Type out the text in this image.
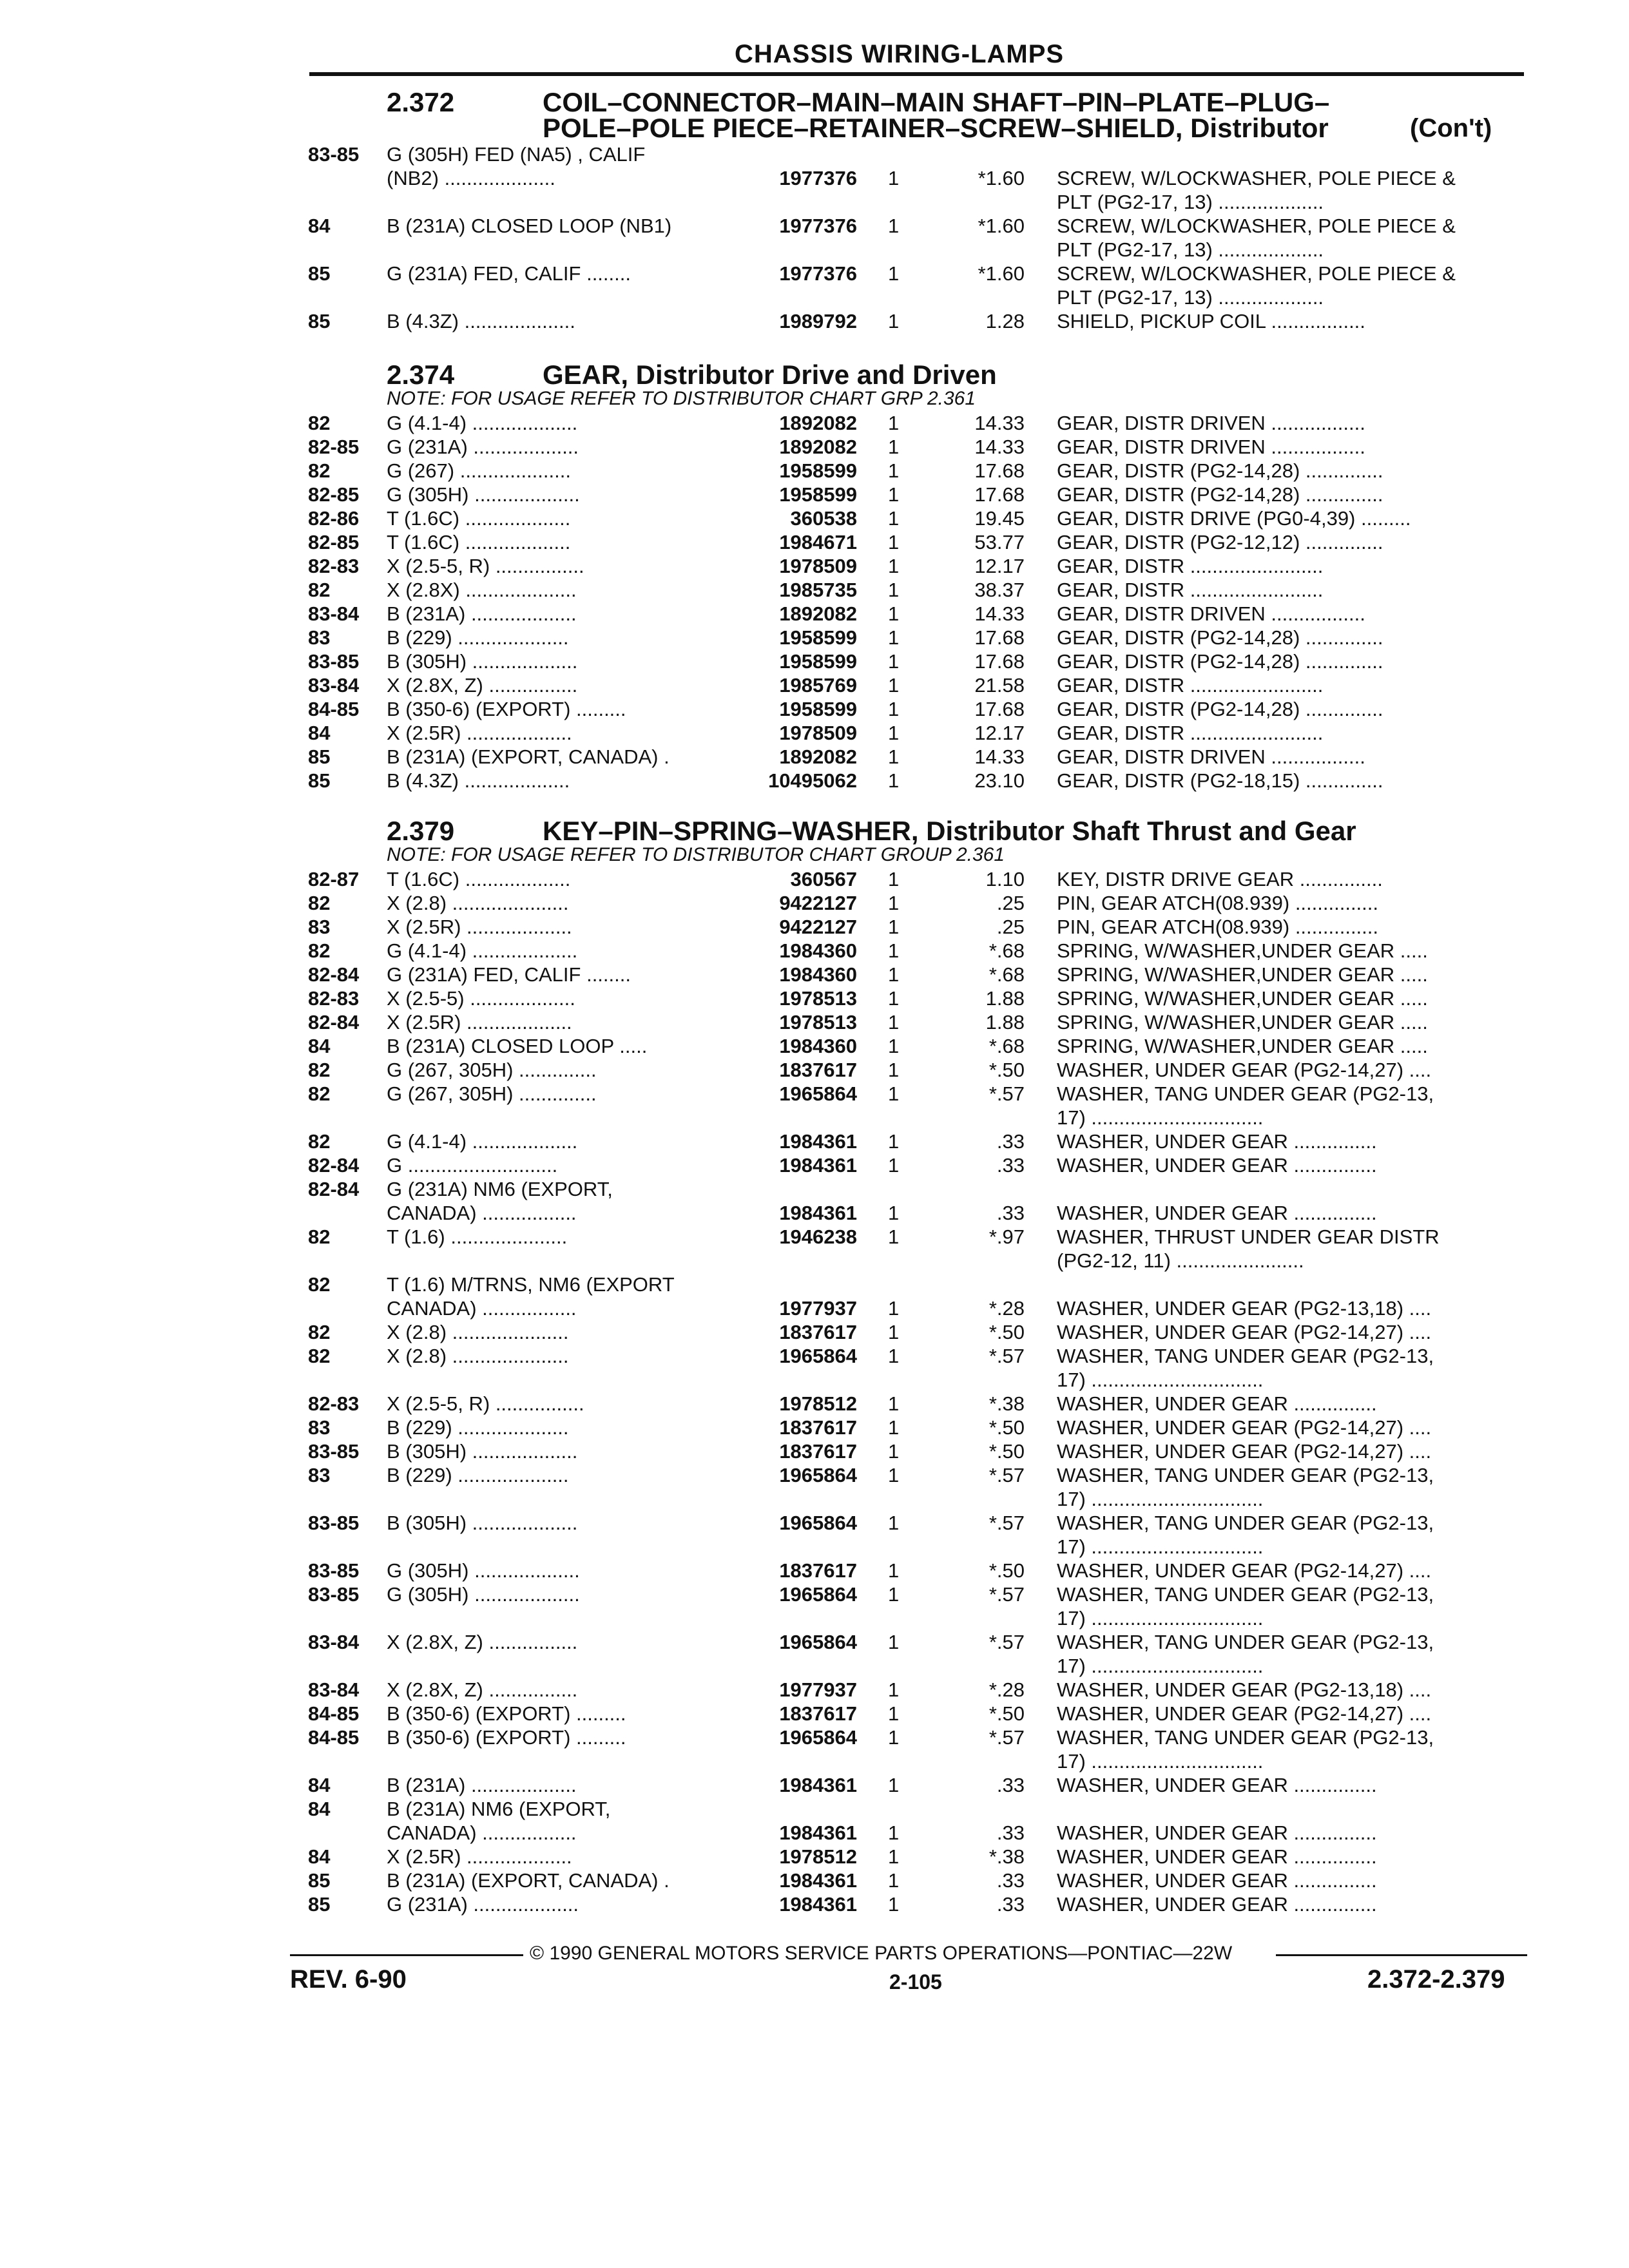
CHASSIS WIRING-LAMPS
2.372	COIL–CONNECTOR–MAIN–MAIN SHAFT–PIN–PLATE–PLUG–
(Con't)
POLE–POLE PIECE–RETAINER–SCREW–SHIELD, Distributor
83-85 G (305H) FED (NA5) , CALIF
(NB2) ....................	1977376 1	*1.60 SCREW, W/LOCKWASHER, POLE PIECE &
PLT (PG2-17, 13) ...................
84	B (231A) CLOSED LOOP (NB1)	1977376 1	*1.60 SCREW, W/LOCKWASHER, POLE PIECE &
PLT (PG2-17, 13) ...................
85	G (231A) FED, CALIF ........	1977376 1	*1.60 SCREW, W/LOCKWASHER, POLE PIECE &
PLT (PG2-17, 13) ...................
85	B (4.3Z) ....................	1989792 1	1.28 SHIELD, PICKUP COIL .................
2.374	GEAR, Distributor Drive and Driven
NOTE: FOR USAGE REFER TO DISTRIBUTOR CHART GRP 2.361
82	G (4.1-4) ...................	1892082 1	14.33 GEAR, DISTR DRIVEN .................
82-85 G (231A) ...................	1892082 1	14.33 GEAR, DISTR DRIVEN .................
82	G (267) ....................	1958599 1	17.68 GEAR, DISTR (PG2-14,28) ..............
82-85 G (305H) ...................	1958599 1	17.68 GEAR, DISTR (PG2-14,28) ..............
82-86 T (1.6C) ...................	360538 1	19.45 GEAR, DISTR DRIVE (PG0-4,39) .........
82-85 T (1.6C) ...................	1984671 1	53.77 GEAR, DISTR (PG2-12,12) ..............
82-83 X (2.5-5, R) ................	1978509 1	12.17 GEAR, DISTR ........................
82	X (2.8X) ....................	1985735 1	38.37 GEAR, DISTR ........................
83-84 B (231A) ...................	1892082 1	14.33 GEAR, DISTR DRIVEN .................
83	B (229) ....................	1958599 1	17.68 GEAR, DISTR (PG2-14,28) ..............
83-85 B (305H) ...................	1958599 1	17.68 GEAR, DISTR (PG2-14,28) ..............
83-84 X (2.8X, Z) ................	1985769 1	21.58 GEAR, DISTR ........................
84-85 B (350-6) (EXPORT) .........	1958599 1	17.68 GEAR, DISTR (PG2-14,28) ..............
84	X (2.5R) ...................	1978509 1	12.17 GEAR, DISTR ........................
85	B (231A) (EXPORT, CANADA) .	1892082 1	14.33 GEAR, DISTR DRIVEN .................
85	B (4.3Z) ...................	10495062 1	23.10 GEAR, DISTR (PG2-18,15) ..............
2.379	KEY–PIN–SPRING–WASHER, Distributor Shaft Thrust and Gear
NOTE: FOR USAGE REFER TO DISTRIBUTOR CHART GROUP 2.361
82-87 T (1.6C) ...................	360567 1	1.10 KEY, DISTR DRIVE GEAR ...............
82	X (2.8) .....................	9422127 1	.25 PIN, GEAR ATCH(08.939) ...............
83	X (2.5R) ...................	9422127 1	.25 PIN, GEAR ATCH(08.939) ...............
82	G (4.1-4) ...................	1984360 1	*.68 SPRING, W/WASHER,UNDER GEAR .....
82-84 G (231A) FED, CALIF ........	1984360 1	*.68 SPRING, W/WASHER,UNDER GEAR .....
82-83 X (2.5-5) ...................	1978513 1	1.88 SPRING, W/WASHER,UNDER GEAR .....
82-84 X (2.5R) ...................	1978513 1	1.88 SPRING, W/WASHER,UNDER GEAR .....
84	B (231A) CLOSED LOOP .....	1984360 1	*.68 SPRING, W/WASHER,UNDER GEAR .....
82	G (267, 305H) ..............	1837617 1	*.50 WASHER, UNDER GEAR (PG2-14,27) ....
82	G (267, 305H) ..............	1965864 1	*.57 WASHER, TANG UNDER GEAR (PG2-13,
17) ...............................
82	G (4.1-4) ...................	1984361 1	.33 WASHER, UNDER GEAR ...............
82-84 G ...........................	1984361 1	.33 WASHER, UNDER GEAR ...............
82-84 G (231A) NM6 (EXPORT,
CANADA) .................	1984361 1	.33 WASHER, UNDER GEAR ...............
82	T (1.6) .....................	1946238 1	*.97 WASHER, THRUST UNDER GEAR DISTR
(PG2-12, 11) .......................
82	T (1.6) M/TRNS, NM6 (EXPORT
CANADA) .................	1977937 1	*.28 WASHER, UNDER GEAR (PG2-13,18) ....
82	X (2.8) .....................	1837617 1	*.50 WASHER, UNDER GEAR (PG2-14,27) ....
82	X (2.8) .....................	1965864 1	*.57 WASHER, TANG UNDER GEAR (PG2-13,
17) ...............................
82-83 X (2.5-5, R) ................	1978512 1	*.38 WASHER, UNDER GEAR ...............
83	B (229) ....................	1837617 1	*.50 WASHER, UNDER GEAR (PG2-14,27) ....
83-85 B (305H) ...................	1837617 1	*.50 WASHER, UNDER GEAR (PG2-14,27) ....
83	B (229) ....................	1965864 1	*.57 WASHER, TANG UNDER GEAR (PG2-13,
17) ...............................
83-85 B (305H) ...................	1965864 1	*.57 WASHER, TANG UNDER GEAR (PG2-13,
17) ...............................
83-85 G (305H) ...................	1837617 1	*.50 WASHER, UNDER GEAR (PG2-14,27) ....
83-85 G (305H) ...................	1965864 1	*.57 WASHER, TANG UNDER GEAR (PG2-13,
17) ...............................
83-84 X (2.8X, Z) ................	1965864 1	*.57 WASHER, TANG UNDER GEAR (PG2-13,
17) ...............................
83-84 X (2.8X, Z) ................	1977937 1	*.28 WASHER, UNDER GEAR (PG2-13,18) ....
84-85 B (350-6) (EXPORT) .........	1837617 1	*.50 WASHER, UNDER GEAR (PG2-14,27) ....
84-85 B (350-6) (EXPORT) .........	1965864 1	*.57 WASHER, TANG UNDER GEAR (PG2-13,
17) ...............................
84	B (231A) ...................	1984361 1	.33 WASHER, UNDER GEAR ...............
84	B (231A) NM6 (EXPORT,
CANADA) .................	1984361 1	.33 WASHER, UNDER GEAR ...............
84	X (2.5R) ...................	1978512 1	*.38 WASHER, UNDER GEAR ...............
85	B (231A) (EXPORT, CANADA) .	1984361 1	.33 WASHER, UNDER GEAR ...............
85	G (231A) ...................	1984361 1	.33 WASHER, UNDER GEAR ...............
© 1990 GENERAL MOTORS SERVICE PARTS OPERATIONS—PONTIAC—22W
REV. 6-90	2-105	2.372-2.379
